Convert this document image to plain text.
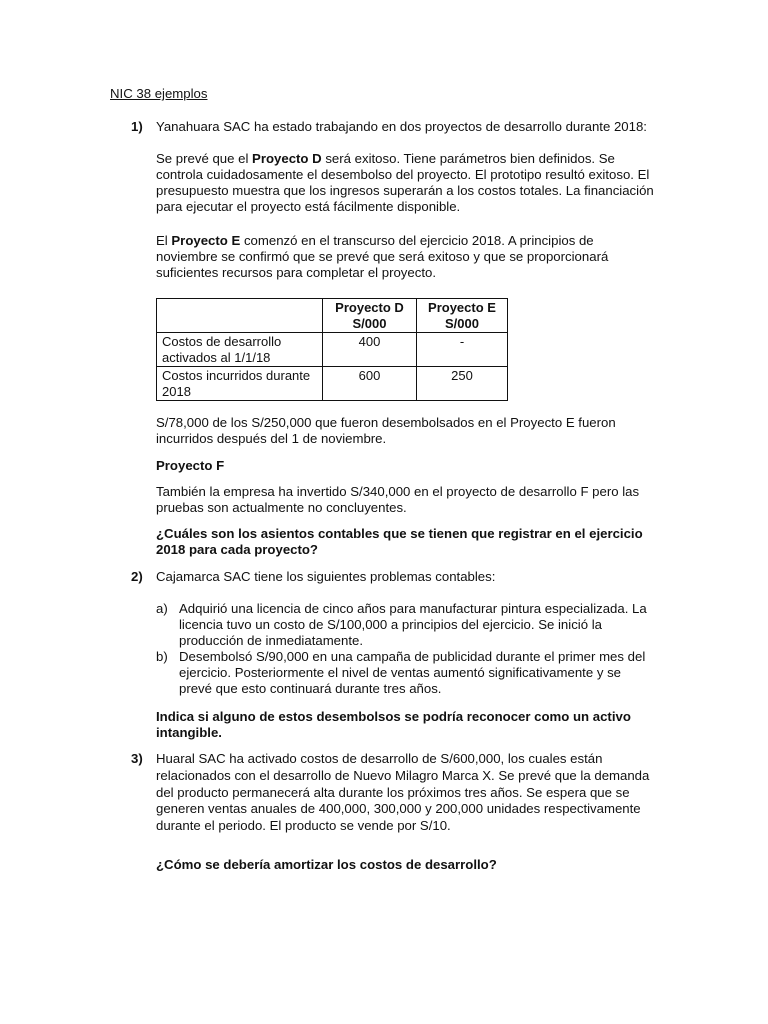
NIC 38 ejemplos
1) Yanahuara SAC ha estado trabajando en dos proyectos de desarrollo durante 2018:

Se prevé que el Proyecto D será exitoso. Tiene parámetros bien definidos. Se controla cuidadosamente el desembolso del proyecto. El prototipo resultó exitoso. El presupuesto muestra que los ingresos superarán a los costos totales. La financiación para ejecutar el proyecto está fácilmente disponible.

El Proyecto E comenzó en el transcurso del ejercicio 2018. A principios de noviembre se confirmó que se prevé que será exitoso y que se proporcionará suficientes recursos para completar el proyecto.

	Proyecto D S/000	Proyecto E S/000
Costos de desarrollo activados al 1/1/18	400	-
Costos incurridos durante 2018	600	250
S/78,000 de los S/250,000 que fueron desembolsados en el Proyecto E fueron incurridos después del 1 de noviembre.
Proyecto F
También la empresa ha invertido S/340,000 en el proyecto de desarrollo F pero las pruebas son actualmente no concluyentes.
¿Cuáles son los asientos contables que se tienen que registrar en el ejercicio 2018 para cada proyecto?
2) Cajamarca SAC tiene los siguientes problemas contables:
a) Adquirió una licencia de cinco años para manufacturar pintura especializada. La licencia tuvo un costo de S/100,000 a principios del ejercicio. Se inició la producción de inmediatamente.
b) Desembolsó S/90,000 en una campaña de publicidad durante el primer mes del ejercicio. Posteriormente el nivel de ventas aumentó significativamente y se prevé que esto continuará durante tres años.
Indica si alguno de estos desembolsos se podría reconocer como un activo intangible.
3) Huaral SAC ha activado costos de desarrollo de S/600,000, los cuales están relacionados con el desarrollo de Nuevo Milagro Marca X. Se prevé que la demanda del producto permanecerá alta durante los próximos tres años. Se espera que se generen ventas anuales de 400,000, 300,000 y 200,000 unidades respectivamente durante el periodo. El producto se vende por S/10.
¿Cómo se debería amortizar los costos de desarrollo?
